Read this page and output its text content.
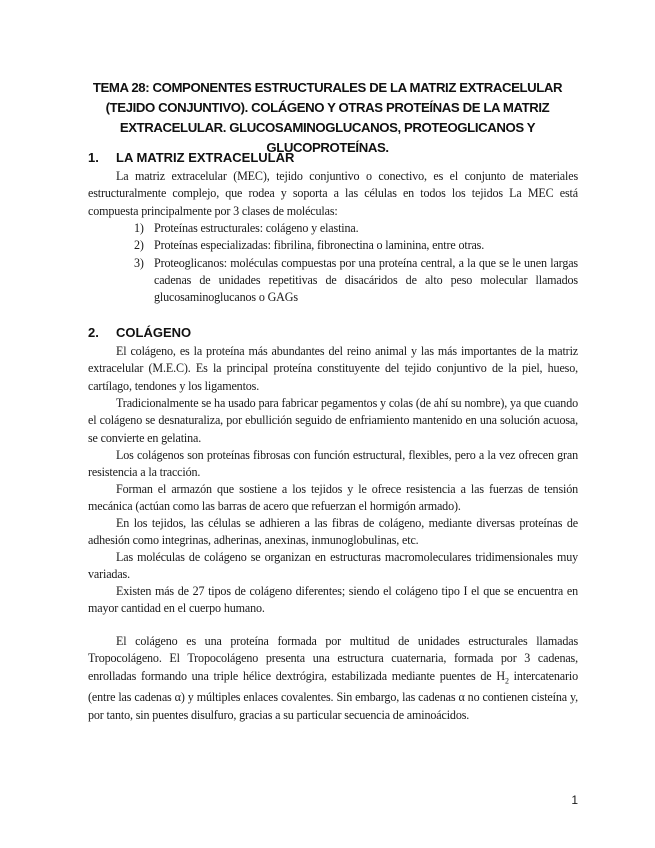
TEMA 28: COMPONENTES ESTRUCTURALES DE LA MATRIZ EXTRACELULAR (TEJIDO CONJUNTIVO). COLÁGENO Y OTRAS PROTEÍNAS DE LA MATRIZ EXTRACELULAR. GLUCOSAMINOGLUCANOS, PROTEOGLICANOS Y GLUCOPROTEÍNAS.
1. LA MATRIZ EXTRACELULAR
La matriz extracelular (MEC), tejido conjuntivo o conectivo, es el conjunto de materiales estructuralmente complejo, que rodea y soporta a las células en todos los tejidos La MEC está compuesta principalmente por 3 clases de moléculas:
1) Proteínas estructurales: colágeno y elastina.
2) Proteínas especializadas: fibrilina, fibronectina o laminina, entre otras.
3) Proteoglicanos: moléculas compuestas por una proteína central, a la que se le unen largas cadenas de unidades repetitivas de disacáridos de alto peso molecular llamados glucosaminoglucanos o GAGs
2. COLÁGENO
El colágeno, es la proteína más abundantes del reino animal y las más importantes de la matriz extracelular (M.E.C). Es la principal proteína constituyente del tejido conjuntivo de la piel, hueso, cartílago, tendones y los ligamentos.
Tradicionalmente se ha usado para fabricar pegamentos y colas (de ahí su nombre), ya que cuando el colágeno se desnaturaliza, por ebullición seguido de enfriamiento mantenido en una solución acuosa, se convierte en gelatina.
Los colágenos son proteínas fibrosas con función estructural, flexibles, pero a la vez ofrecen gran resistencia a la tracción.
Forman el armazón que sostiene a los tejidos y le ofrece resistencia a las fuerzas de tensión mecánica (actúan como las barras de acero que refuerzan el hormigón armado).
En los tejidos, las células se adhieren a las fibras de colágeno, mediante diversas proteínas de adhesión como integrinas, adherinas, anexinas, inmunoglobulinas, etc.
Las moléculas de colágeno se organizan en estructuras macromoleculares tridimensionales muy variadas.
Existen más de 27 tipos de colágeno diferentes; siendo el colágeno tipo I el que se encuentra en mayor cantidad en el cuerpo humano.
El colágeno es una proteína formada por multitud de unidades estructurales llamadas Tropocolágeno. El Tropocolágeno presenta una estructura cuaternaria, formada por 3 cadenas, enrolladas formando una triple hélice dextrógira, estabilizada mediante puentes de $H_2$ intercatenario (entre las cadenas α) y múltiples enlaces covalentes. Sin embargo, las cadenas α no contienen cisteína y, por tanto, sin puentes disulfuro, gracias a su particular secuencia de aminoácidos.
1
